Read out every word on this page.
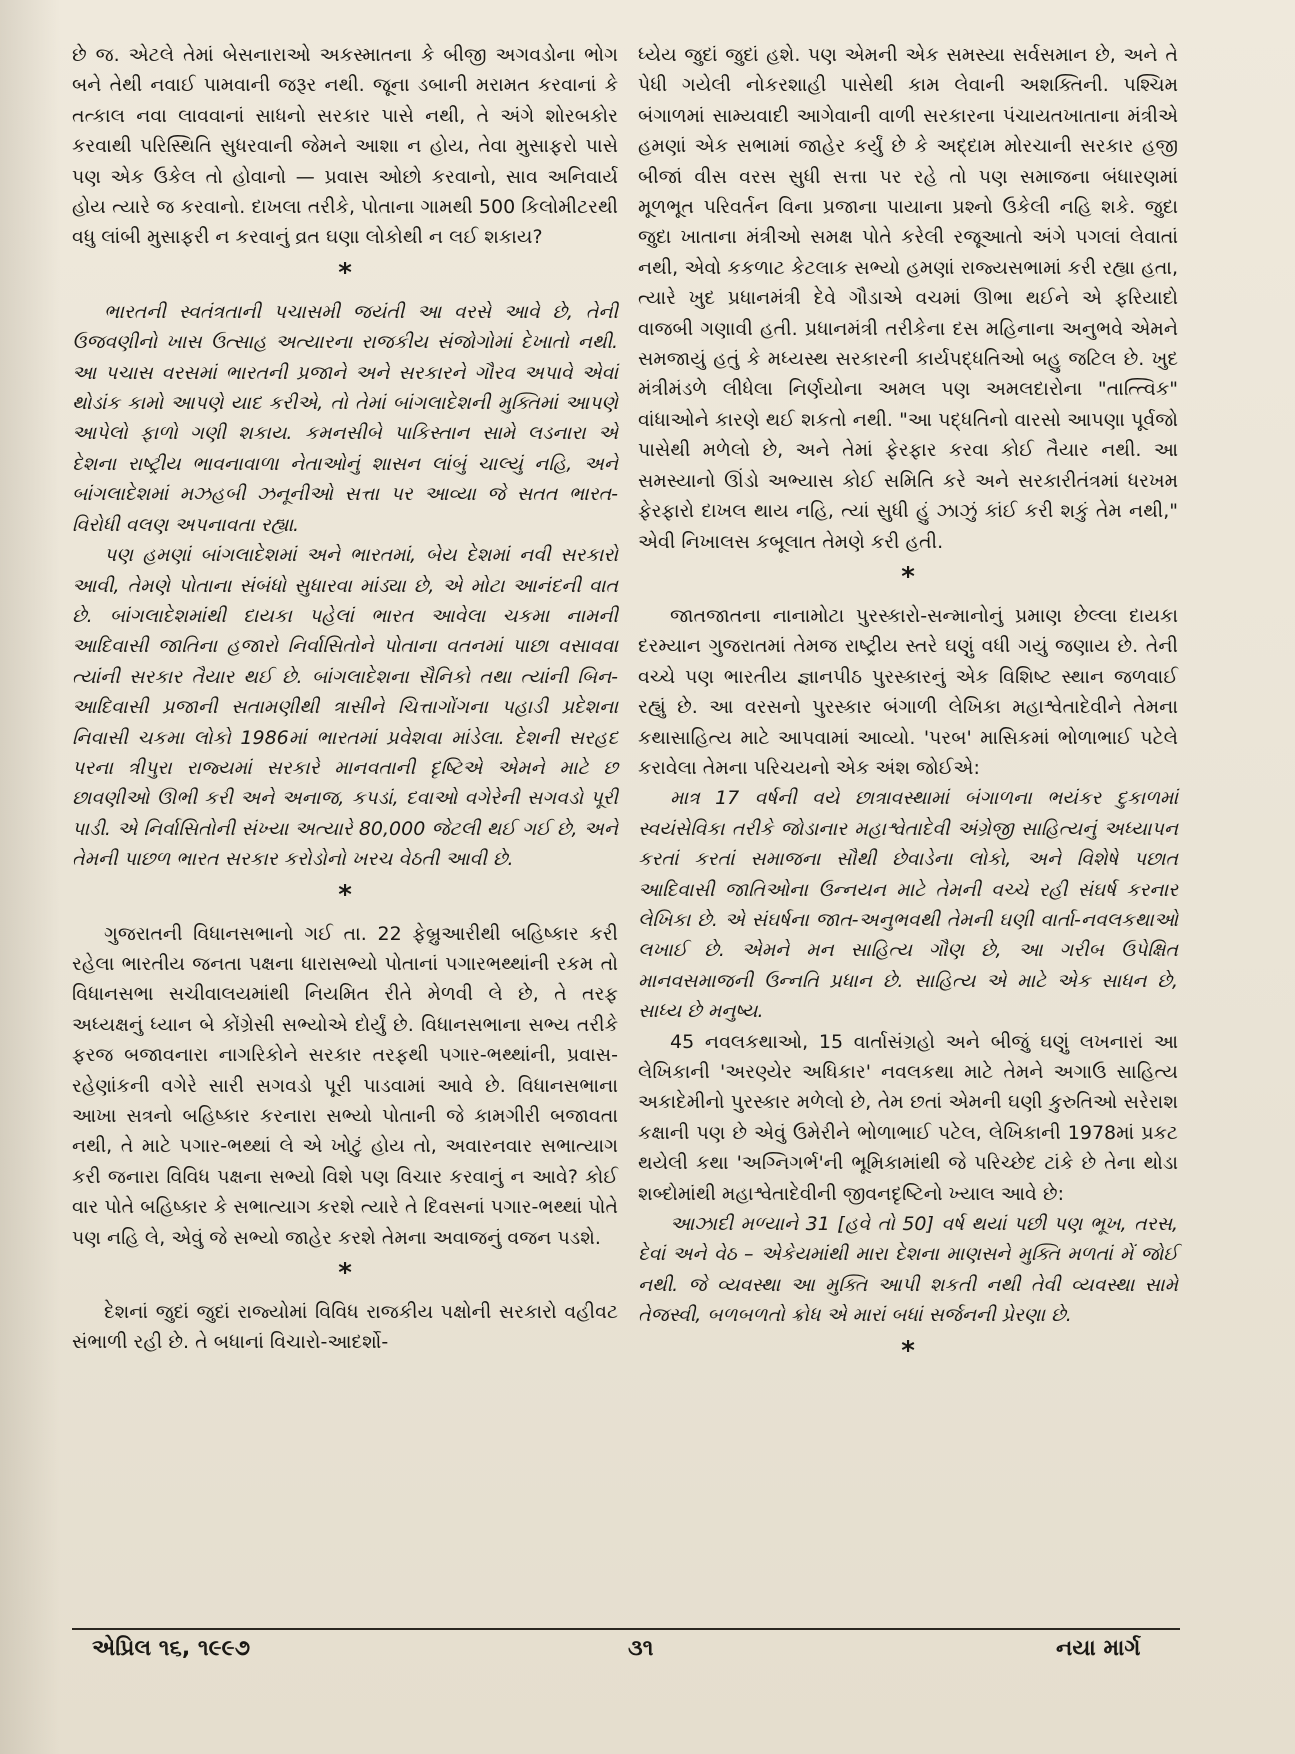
છે જ. એટલે તેમાં બેસનારાઓ અકસ્માતના કે બીજી અગવડોના ભોગ બને તેથી નવાઈ પામવાની જરૂર નથી. જૂના ડબાની મરામત કરવાનાં કે તત્કાલ નવા લાવવાનાં સાધનો સરકાર પાસે નથી, તે અંગે શોરબકોર કરવાથી પરિસ્થિતિ સુધરવાની જેમને આશા ન હોય, તેવા મુસાફરો પાસે પણ એક ઉકેલ તો હોવાનો — પ્રવાસ ઓછો કરવાનો, સાવ અનિવાર્ય હોય ત્યારે જ કરવાનો. દાખલા તરીકે, પોતાના ગામથી 500 કિલોમીટરથી વધુ લાંબી મુસાફરી ન કરવાનું વ્રત ઘણા લોકોથી ન લઈ શકાય?

*

ભારતની સ્વતંત્રતાની પચાસમી જયંતી આ વરસે આવે છે, તેની ઉજવણીનો ખાસ ઉત્સાહ અત્યારના રાજકીય સંજોગોમાં દેખાતો નથી. આ પચાસ વરસમાં ભારતની પ્રજાને અને સરકારને ગૌરવ અપાવે એવાં થોડાંક કામો આપણે યાદ કરીએ, તો તેમાં બાંગલાદેશની મુક્તિમાં આપણે આપેલો ફાળો ગણી શકાય. કમનસીબે પાકિસ્તાન સામે લડનારા એ દેશના રાષ્ટ્રીય ભાવનાવાળા નેતાઓનું શાસન લાંબું ચાલ્યું નહિ, અને બાંગલાદેશમાં મઝહબી ઝનૂનીઓ સત્તા પર આવ્યા જે સતત ભારત-વિરોધી વલણ અપનાવતા રહ્યા.

પણ હમણાં બાંગલાદેશમાં અને ભારતમાં, બેય દેશમાં નવી સરકારો આવી, તેમણે પોતાના સંબંધો સુધારવા માંડ્યા છે, એ મોટા આનંદની વાત છે. બાંગલાદેશમાંથી દાયકા પહેલાં ભારત આવેલા ચકમા નામની આદિવાસી જાતિના હજારો નિર્વાસિતોને પોતાના વતનમાં પાછા વસાવવા ત્યાંની સરકાર તૈયાર થઈ છે. બાંગલાદેશના સૈનિકો તથા ત્યાંની બિન-આદિવાસી પ્રજાની સતામણીથી ત્રાસીને ચિત્તાગોંગના પહાડી પ્રદેશના નિવાસી ચકમા લોકો 1986માં ભારતમાં પ્રવેશવા માંડેલા. દેશની સરહદ પરના ત્રીપુરા રાજ્યમાં સરકારે માનવતાની દૃષ્ટિએ એમને માટે છ છાવણીઓ ઊભી કરી અને અનાજ, કપડાં, દવાઓ વગેરેની સગવડો પૂરી પાડી. એ નિર્વાસિતોની સંખ્યા અત્યારે 80,000 જેટલી થઈ ગઈ છે, અને તેમની પાછળ ભારત સરકાર કરોડોનો ખરચ વેઠતી આવી છે.

*

ગુજરાતની વિધાનસભાનો ગઈ તા. 22 ફેબ્રુઆરીથી બહિષ્કાર કરી રહેલા ભારતીય જનતા પક્ષના ધારાસભ્યો પોતાનાં પગારભથ્થાંની રકમ તો વિધાનસભા સચીવાલયમાંથી નિયમિત રીતે મેળવી લે છે, તે તરફ અધ્યક્ષનું ધ્યાન બે કોંગ્રેસી સભ્યોએ દોર્યું છે. વિધાનસભાના સભ્ય તરીકે ફરજ બજાવનારા નાગરિકોને સરકાર તરફથી પગાર-ભથ્થાંની, પ્રવાસ-રહેણાંકની વગેરે સારી સગવડો પૂરી પાડવામાં આવે છે. વિધાનસભાના આખા સત્રનો બહિષ્કાર કરનારા સભ્યો પોતાની જે કામગીરી બજાવતા નથી, તે માટે પગાર-ભથ્થાં લે એ ખોટું હોય તો, અવારનવાર સભાત્યાગ કરી જનારા વિવિધ પક્ષના સભ્યો વિશે પણ વિચાર કરવાનું ન આવે? કોઈ વાર પોતે બહિષ્કાર કે સભાત્યાગ કરશે ત્યારે તે દિવસનાં પગાર-ભથ્થાં પોતે પણ નહિ લે, એવું જે સભ્યો જાહેર કરશે તેમના અવાજનું વજન પડશે.

*

દેશનાં જુદાં જુદાં રાજ્યોમાં વિવિધ રાજકીય પક્ષોની સરકારો વહીવટ સંભાળી રહી છે. તે બધાનાં વિચારો-આદર્શો-

ધ્યેય જુદાં જુદાં હશે. પણ એમની એક સમસ્યા સર્વસમાન છે, અને તે પેધી ગયેલી નોકરશાહી પાસેથી કામ લેવાની અશક્તિની. પશ્ચિમ બંગાળમાં સામ્યવાદી આગેવાની વાળી સરકારના પંચાયતખાતાના મંત્રીએ હમણાં એક સભામાં જાહેર કર્યું છે કે અદ્દામ મોરચાની સરકાર હજી બીજાં વીસ વરસ સુધી સત્તા પર રહે તો પણ સમાજના બંધારણમાં મૂળભૂત પરિવર્તન વિના પ્રજાના પાયાના પ્રશ્નો ઉકેલી નહિ શકે. જુદા જુદા ખાતાના મંત્રીઓ સમક્ષ પોતે કરેલી રજૂઆતો અંગે પગલાં લેવાતાં નથી, એવો કકળાટ કેટલાક સભ્યો હમણાં રાજ્યસભામાં કરી રહ્યા હતા, ત્યારે ખુદ પ્રધાનમંત્રી દેવે ગૌડાએ વચમાં ઊભા થઈને એ ફરિયાદો વાજબી ગણાવી હતી. પ્રધાનમંત્રી તરીકેના દસ મહિનાના અનુભવે એમને સમજાયું હતું કે મધ્યસ્થ સરકારની કાર્યપદ્ધતિઓ બહુ જટિલ છે. ખુદ મંત્રીમંડળે લીધેલા નિર્ણયોના અમલ પણ અમલદારોના "તાત્ત્વિક" વાંધાઓને કારણે થઈ શકતો નથી. "આ પદ્ધતિનો વારસો આપણા પૂર્વજો પાસેથી મળેલો છે, અને તેમાં ફેરફાર કરવા કોઈ તૈયાર નથી. આ સમસ્યાનો ઊંડો અભ્યાસ કોઈ સમિતિ કરે અને સરકારીતંત્રમાં ધરખમ ફેરફારો દાખલ થાય નહિ, ત્યાં સુધી હું ઝાઝું કાંઈ કરી શકું તેમ નથી," એવી નિખાલસ કબૂલાત તેમણે કરી હતી.

*

જાતજાતના નાનામોટા પુરસ્કારો-સન્માનોનું પ્રમાણ છેલ્લા દાયકા દરમ્યાન ગુજરાતમાં તેમજ રાષ્ટ્રીય સ્તરે ઘણું વધી ગયું જણાય છે. તેની વચ્ચે પણ ભારતીય જ્ઞાનપીઠ પુરસ્કારનું એક વિશિષ્ટ સ્થાન જળવાઈ રહ્યું છે. આ વરસનો પુરસ્કાર બંગાળી લેખિકા મહાશ્વેતાદેવીને તેમના કથાસાહિત્ય માટે આપવામાં આવ્યો. 'પરબ' માસિકમાં ભોળાભાઈ પટેલે કરાવેલા તેમના પરિચયનો એક અંશ જોઈએ:

માત્ર 17 વર્ષની વયે છાત્રાવસ્થામાં બંગાળના ભયંકર દુકાળમાં સ્વયંસેવિકા તરીકે જોડાનાર મહાશ્વેતાદેવી અંગ્રેજી સાહિત્યનું અધ્યાપન કરતાં કરતાં સમાજના સૌથી છેવાડેના લોકો, અને વિશેષે પછાત આદિવાસી જાતિઓના ઉન્નયન માટે તેમની વચ્ચે રહી સંઘર્ષ કરનાર લેખિકા છે. એ સંઘર્ષના જાત-અનુભવથી તેમની ઘણી વાર્તા-નવલકથાઓ લખાઈ છે. એમને મન સાહિત્ય ગૌણ છે, આ ગરીબ ઉપેક્ષિત માનવસમાજની ઉન્નતિ પ્રધાન છે. સાહિત્ય એ માટે એક સાધન છે, સાધ્ય છે મનુષ્ય.

45 નવલકથાઓ, 15 વાર્તાસંગ્રહો અને બીજું ઘણું લખનારાં આ લેખિકાની 'અરણ્યેર અધિકાર' નવલકથા માટે તેમને અગાઉ સાહિત્ય અકાદેમીનો પુરસ્કાર મળેલો છે, તેમ છતાં એમની ઘણી કુરુતિઓ સરેરાશ કક્ષાની પણ છે એવું ઉમેરીને ભોળાભાઈ પટેલ, લેખિકાની 1978માં પ્રકટ થયેલી કથા 'અગ્નિગર્ભ'ની ભૂમિકામાંથી જે પરિચ્છેદ ટાંકે છે તેના થોડા શબ્દોમાંથી મહાશ્વેતાદેવીની જીવનદૃષ્ટિનો ખ્યાલ આવે છે:

આઝાદી મળ્યાને 31 [હવે તો 50] વર્ષ થયાં પછી પણ ભૂખ, તરસ, દેવાં અને વેઠ – એકેયમાંથી મારા દેશના માણસને મુક્તિ મળતાં મેં જોઈ નથી. જે વ્યવસ્થા આ મુક્તિ આપી શકતી નથી તેવી વ્યવસ્થા સામે તેજસ્વી, બળબળતો ક્રોધ એ મારાં બધાં સર્જનની પ્રેરણા છે.

*
એપ્રિલ ૧૬, ૧૯૯૭	૩૧	નયા માર્ગ
